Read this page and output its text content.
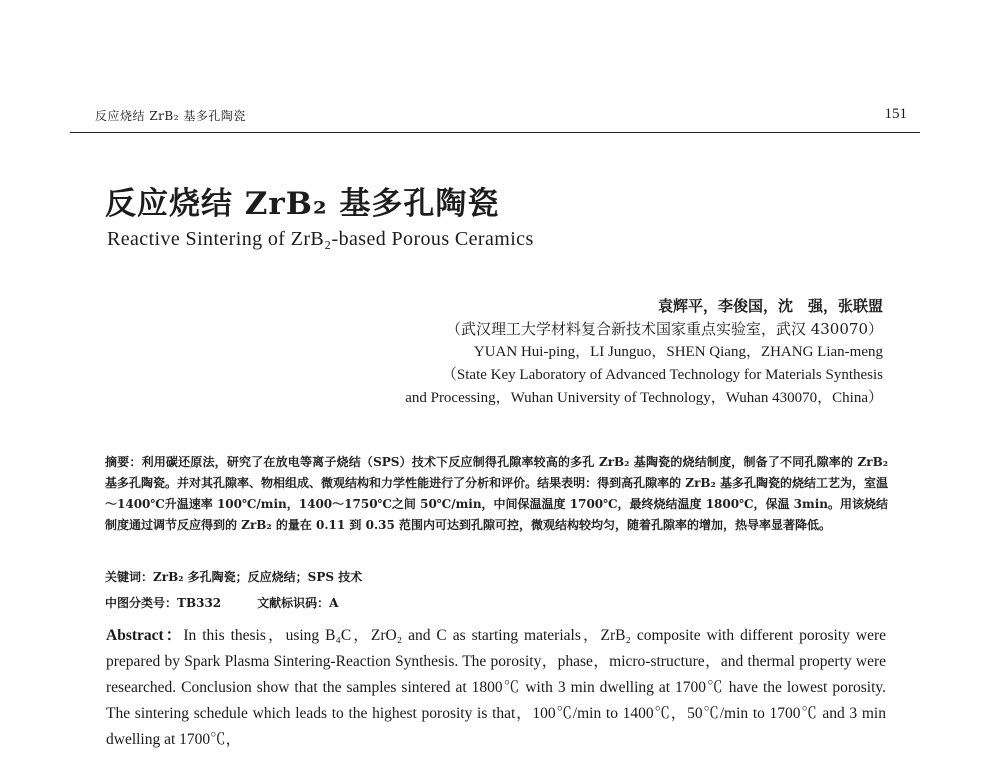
反应烧结 ZrB₂ 基多孔陶瓷	151
反应烧结 ZrB₂ 基多孔陶瓷
Reactive Sintering of ZrB₂-based Porous Ceramics
袁辉平，李俊国，沈　强，张联盟
（武汉理工大学材料复合新技术国家重点实验室，武汉 430070）
YUAN Hui-ping，LI Junguo，SHEN Qiang，ZHANG Lian-meng
（State Key Laboratory of Advanced Technology for Materials Synthesis
and Processing，Wuhan University of Technology，Wuhan 430070，China）
摘要：利用碳还原法，研究了在放电等离子烧结（SPS）技术下反应制得孔隙率较高的多孔 ZrB₂ 基陶瓷的烧结制度，制备了不同孔隙率的 ZrB₂ 基多孔陶瓷。并对其孔隙率、物相组成、微观结构和力学性能进行了分析和评价。结果表明：得到高孔隙率的 ZrB₂ 基多孔陶瓷的烧结工艺为，室温～1400℃升温速率 100℃/min，1400～1750℃之间 50℃/min，中间保温温度 1700℃，最终烧结温度 1800℃，保温 3min。用该烧结制度通过调节反应得到的 ZrB₂ 的量在 0.11 到 0.35 范围内可达到孔隙可控，微观结构较均匀，随着孔隙率的增加，热导率显著降低。
关键词：ZrB₂ 多孔陶瓷；反应烧结；SPS 技术
中图分类号：TB332	文献标识码：A
Abstract：In this thesis，using B₄C，ZrO₂ and C as starting materials，ZrB₂ composite with different porosity were prepared by Spark Plasma Sintering-Reaction Synthesis. The porosity，phase，micro-structure，and thermal property were researched. Conclusion show that the samples sintered at 1800℃ with 3 min dwelling at 1700℃ have the lowest porosity. The sintering schedule which leads to the highest porosity is that，100℃/min to 1400℃，50℃/min to 1700℃ and 3 min dwelling at 1700℃，
